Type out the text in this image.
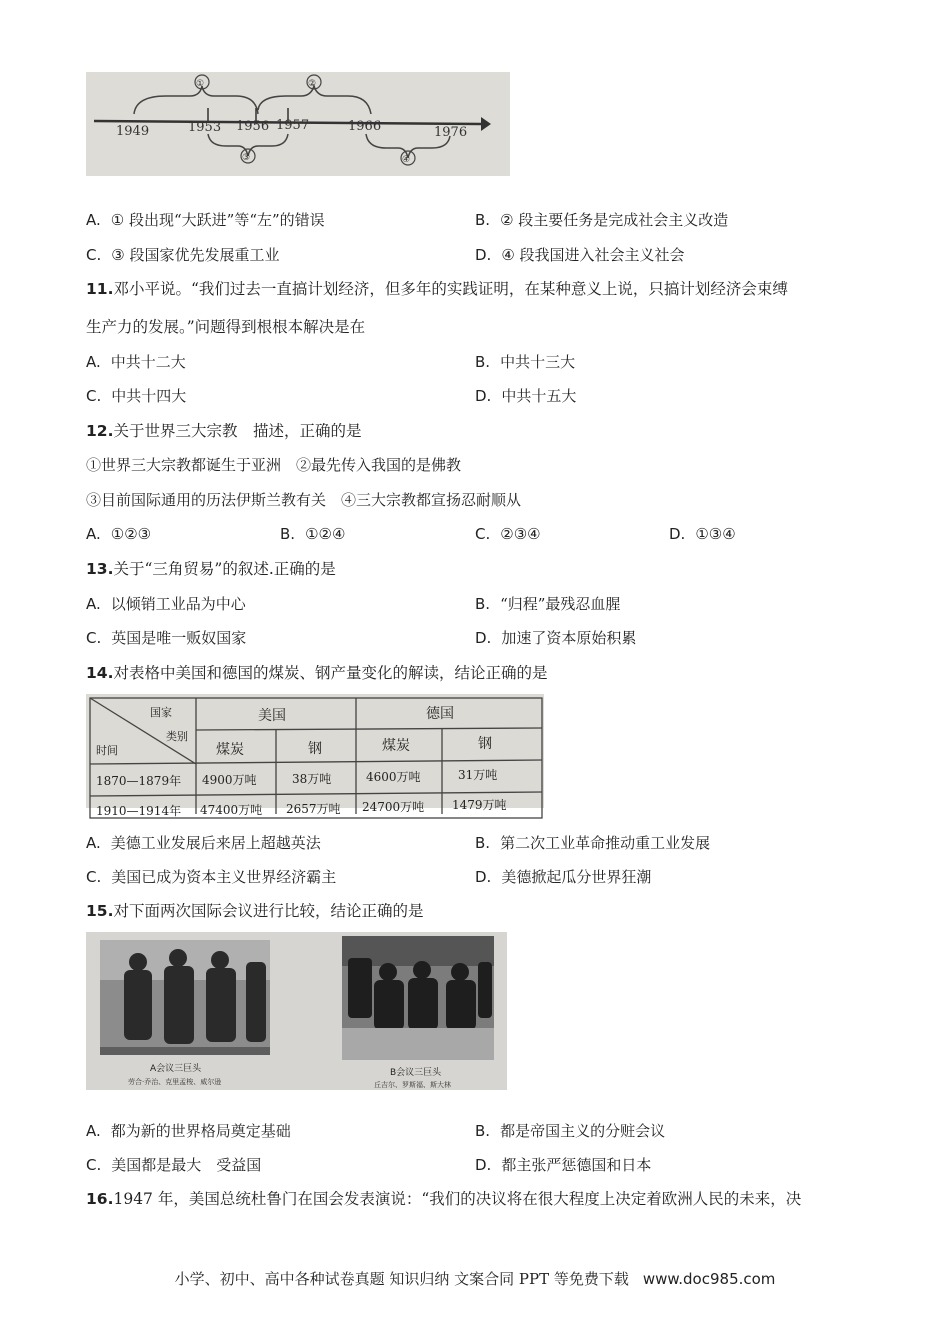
①	②
③	④
1949	1953 1956 1957	1966	1976
A. ① 段出现“大跃进”等“左”的错误	B. ② 段主要任务是完成社会主义改造
C. ③ 段国家优先发展重工业	D. ④ 段我国进入社会主义社会
11.邓小平说。“我们过去一直搞计划经济，但多年的实践证明，在某种意义上说，只搞计划经济会束缚
生产力的发展。”问题得到根根本解决是在
A. 中共十二大	B. 中共十三大
C. 中共十四大	D. 中共十五大
12.关于世界三大宗教　描述，正确的是
①世界三大宗教都诞生于亚洲　②最先传入我国的是佛教
③目前国际通用的历法伊斯兰教有关　④三大宗教都宣扬忍耐顺从
A. ①②③	B. ①②④	C. ②③④	D. ①③④
13.关于“三角贸易”的叙述.正确的是
A. 以倾销工业品为中心	B. “归程”最残忍血腥
C. 英国是唯一贩奴国家	D. 加速了资本原始积累
14.对表格中美国和德国的煤炭、钢产量变化的解读，结论正确的是
国家
类别
时间
美国	德国
煤炭	钢	煤炭	钢
1870—1879年 4900万吨	38万吨	4600万吨	31万吨
1910—1914年 47400万吨 2657万吨 24700万吨 1479万吨
A. 美德工业发展后来居上超越英法	B. 第二次工业革命推动重工业发展
C. 美国已成为资本主义世界经济霸主	D. 美德掀起瓜分世界狂潮
15.对下面两次国际会议进行比较，结论正确的是
A会议三巨头
劳合·乔治、克里孟梭、威尔逊
B会议三巨头
丘吉尔、罗斯福、斯大林
A. 都为新的世界格局奠定基础	B. 都是帝国主义的分赃会议
C. 美国都是最大　受益国	D. 都主张严惩德国和日本
16.1947 年，美国总统杜鲁门在国会发表演说：“我们的决议将在很大程度上决定着欧洲人民的未来，决
小学、初中、高中各种试卷真题 知识归纳 文案合同 PPT 等免费下载 www.doc985.com
